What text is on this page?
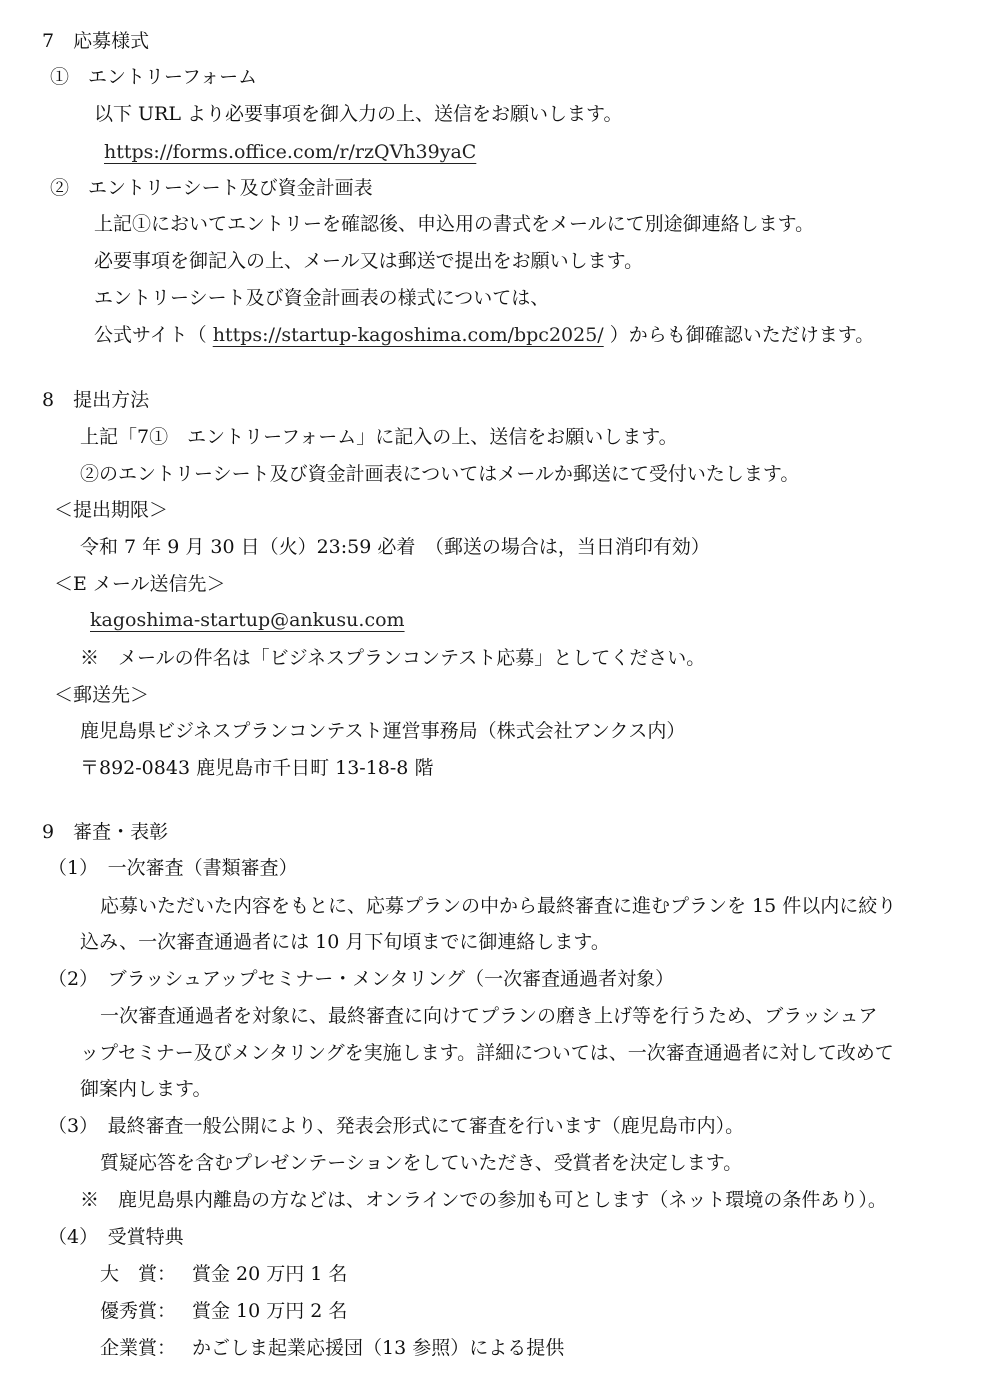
7　応募様式
①　エントリーフォーム
以下 URL より必要事項を御入力の上、送信をお願いします。
https://forms.office.com/r/rzQVh39yaC
②　エントリーシート及び資金計画表
上記①においてエントリーを確認後、申込用の書式をメールにて別途御連絡します。
必要事項を御記入の上、メール又は郵送で提出をお願いします。
エントリーシート及び資金計画表の様式については、
公式サイト（ https://startup-kagoshima.com/bpc2025/ ）からも御確認いただけます。
8　提出方法
上記「7①　エントリーフォーム」に記入の上、送信をお願いします。
②のエントリーシート及び資金計画表についてはメールか郵送にて受付いたします。
＜提出期限＞
令和 7 年 9 月 30 日（火）23:59 必着　（郵送の場合は，当日消印有効）
＜E メール送信先＞
kagoshima-startup@ankusu.com
※　メールの件名は「ビジネスプランコンテスト応募」としてください。
＜郵送先＞
鹿児島県ビジネスプランコンテスト運営事務局（株式会社アンクス内）
〒892-0843 鹿児島市千日町 13-18-8 階
9　審査・表彰
（1）　一次審査（書類審査）
応募いただいた内容をもとに、応募プランの中から最終審査に進むプランを 15 件以内に絞り
込み、一次審査通過者には 10 月下旬頃までに御連絡します。
（2）　ブラッシュアップセミナー・メンタリング（一次審査通過者対象）
一次審査通過者を対象に、最終審査に向けてプランの磨き上げ等を行うため、ブラッシュア
ップセミナー及びメンタリングを実施します。詳細については、一次審査通過者に対して改めて
御案内します。
（3）　最終審査一般公開により、発表会形式にて審査を行います（鹿児島市内）。
質疑応答を含むプレゼンテーションをしていただき、受賞者を決定します。
※　鹿児島県内離島の方などは、オンラインでの参加も可とします（ネット環境の条件あり）。
（4）　受賞特典
大　賞： 賞金 20 万円 1 名
優秀賞： 賞金 10 万円 2 名
企業賞： かごしま起業応援団（13 参照）による提供
